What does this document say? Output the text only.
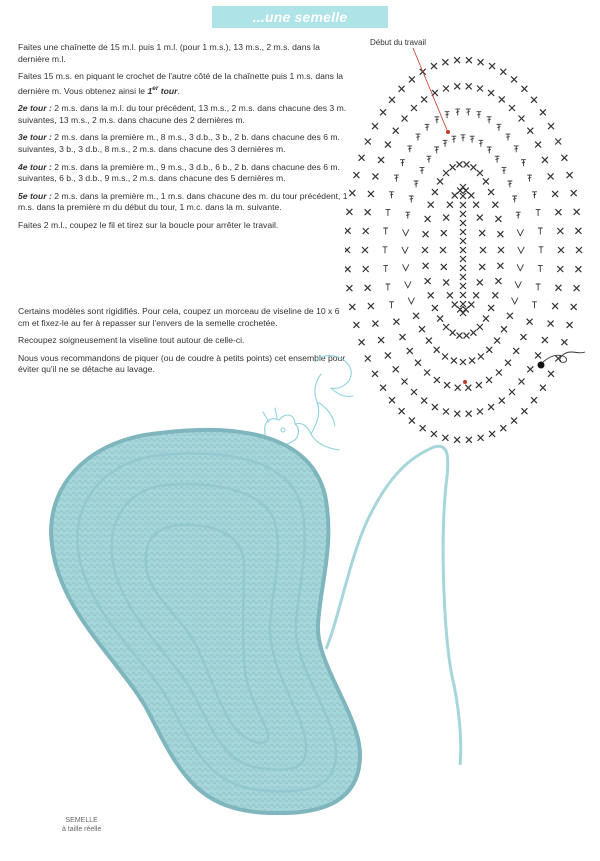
...une semelle

Faites une chaînette de 15 m.l. puis 1 m.l. (pour 1 m.s.), 13 m.s., 2 m.s. dans la dernière m.l.

Faites 15 m.s. en piquant le crochet de l'autre côté de la chaînette puis 1 m.s. dans la dernière m. Vous obtenez ainsi le 1er tour.

2e tour : 2 m.s. dans la m.l. du tour précédent, 13 m.s., 2 m.s. dans chacune des 3 m. suivantes, 13 m.s., 2 m.s. dans chacune des 2 dernières m.

3e tour : 2 m.s. dans la première m., 8 m.s., 3 d.b., 3 b., 2 b. dans chacune des 6 m. suivantes, 3 b., 3 d.b., 8 m.s., 2 m.s. dans chacune des 3 dernières m.

4e tour : 2 m.s. dans la première m., 9 m.s., 3 d.b., 6 b., 2 b. dans chacune des 6 m. suivantes, 6 b., 3 d.b., 9 m.s., 2 m.s. dans chacune des 5 dernières m.

5e tour : 2 m.s. dans la première m., 1 m.s. dans chacune des m. du tour précédent, 1 m.s. dans la première m du début du tour, 1 m.c. dans la m. suivante.

Faites 2 m.l., coupez le fil et tirez sur la boucle pour arrêter le travail.

Certains modèles sont rigidifiés. Pour cela, coupez un morceau de viseline de 10 x 6 cm et fixez-le au fer à repasser sur l'envers de la semelle crochetée.

Recoupez soigneusement la viseline tout autour de celle-ci.

Nous vous recommandons de piquer (ou de coudre à petits points) cet ensemble pour éviter qu'il ne se détache au lavage.

Début du travail
SEMELLE
à taille réelle
